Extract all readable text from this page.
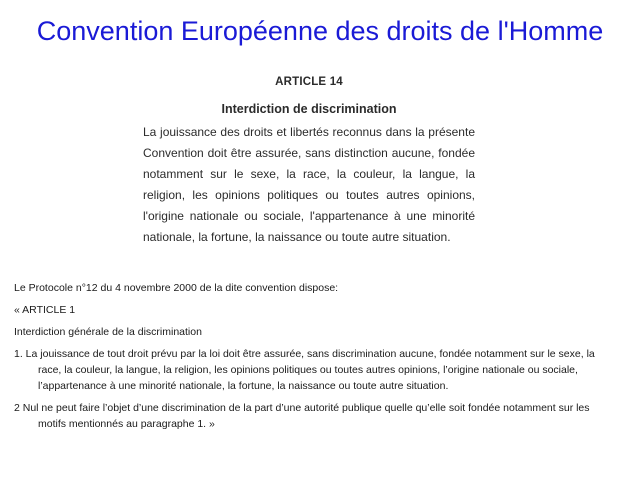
Convention Européenne des droits de l'Homme
ARTICLE 14
Interdiction de discrimination
La jouissance des droits et libertés reconnus dans la présente Convention doit être assurée, sans distinction aucune, fondée notamment sur le sexe, la race, la couleur, la langue, la religion, les opinions politiques ou toutes autres opinions, l'origine nationale ou sociale, l'appartenance à une minorité nationale, la fortune, la naissance ou toute autre situation.

Le Protocole n°12 du 4 novembre 2000 de la dite convention dispose:

« ARTICLE 1

Interdiction générale de la discrimination

1. La jouissance de tout droit prévu par la loi doit être assurée, sans discrimination aucune, fondée notamment sur le sexe, la race, la couleur, la langue, la religion, les opinions politiques ou toutes autres opinions, l’origine nationale ou sociale, l’appartenance à une minorité nationale, la fortune, la naissance ou toute autre situation.

2 Nul ne peut faire l’objet d’une discrimination de la part d’une autorité publique quelle qu’elle soit fondée notamment sur les motifs mentionnés au paragraphe 1. »
